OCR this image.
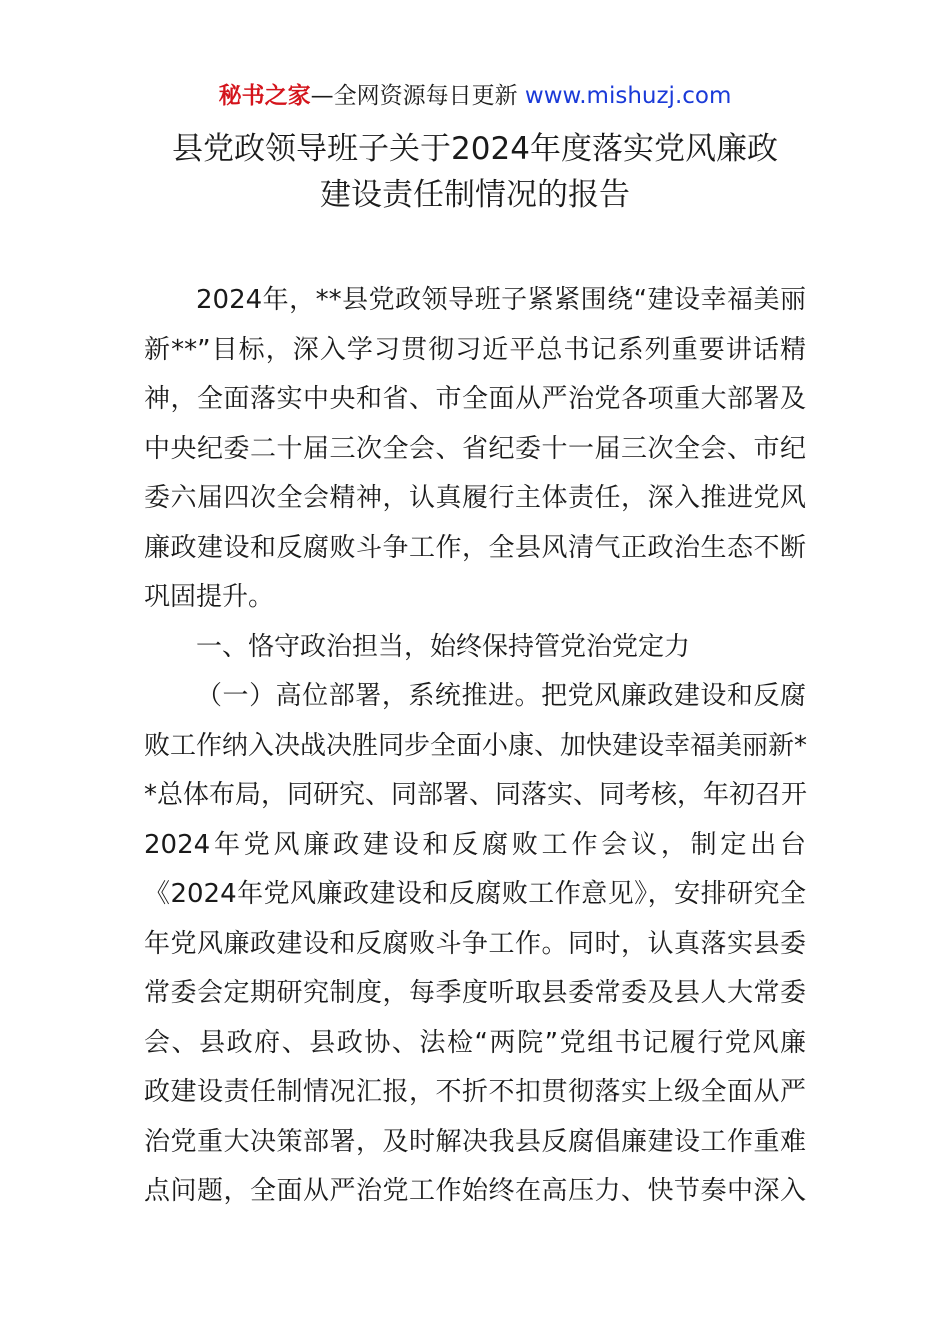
秘书之家—全网资源每日更新 www.mishuzj.com
县党政领导班子关于2024年度落实党风廉政
建设责任制情况的报告
2024年，**县党政领导班子紧紧围绕“建设幸福美丽
新**”目标，深入学习贯彻习近平总书记系列重要讲话精
神，全面落实中央和省、市全面从严治党各项重大部署及
中央纪委二十届三次全会、省纪委十一届三次全会、市纪
委六届四次全会精神，认真履行主体责任，深入推进党风
廉政建设和反腐败斗争工作，全县风清气正政治生态不断
巩固提升。
一、恪守政治担当，始终保持管党治党定力
（一）高位部署，系统推进。把党风廉政建设和反腐
败工作纳入决战决胜同步全面小康、加快建设幸福美丽新*
*总体布局，同研究、同部署、同落实、同考核，年初召开
2024年党风廉政建设和反腐败工作会议，制定出台
《2024年党风廉政建设和反腐败工作意见》，安排研究全
年党风廉政建设和反腐败斗争工作。同时，认真落实县委
常委会定期研究制度，每季度听取县委常委及县人大常委
会、县政府、县政协、法检“两院”党组书记履行党风廉
政建设责任制情况汇报，不折不扣贯彻落实上级全面从严
治党重大决策部署，及时解决我县反腐倡廉建设工作重难
点问题，全面从严治党工作始终在高压力、快节奏中深入
